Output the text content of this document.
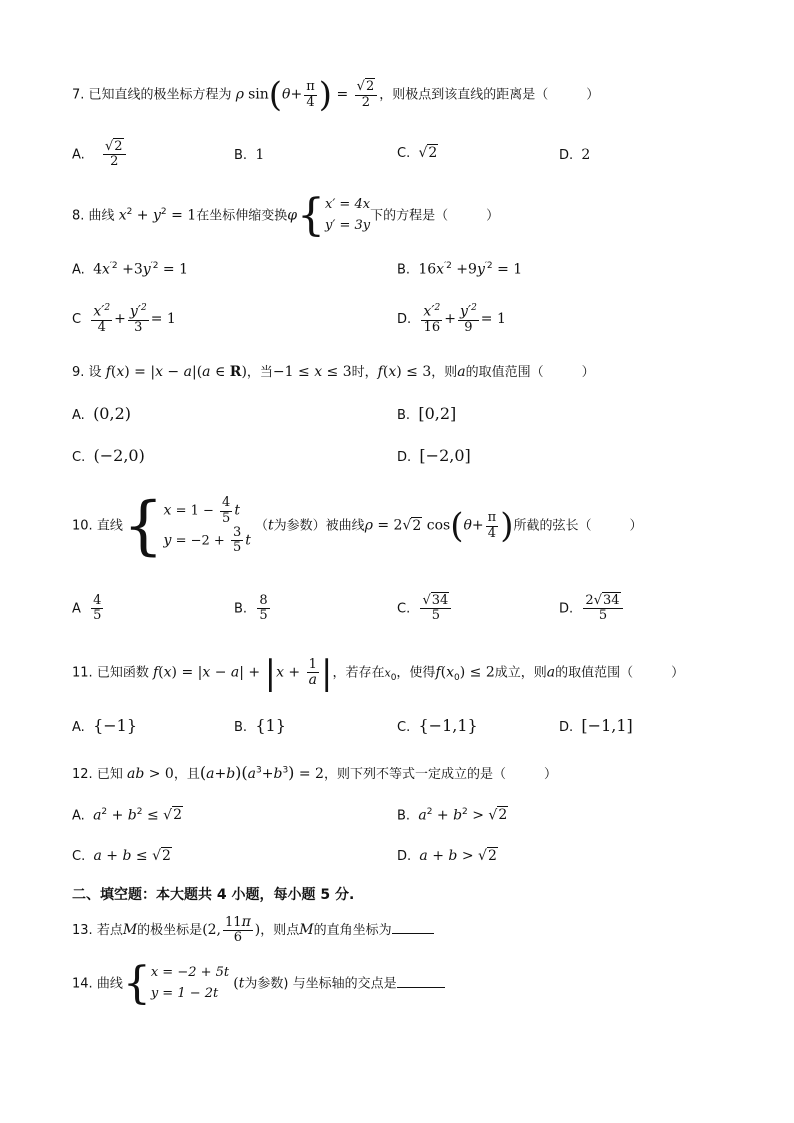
7. 已知直线的极坐标方程为 ρ $\sin(\theta+ \frac{\pi}{4}$ ) = $\frac{√2}{2}$ ，则极点到该直线的距离是（	）
A. $\frac{√2}{2}$	B. 1	C. √2	D. 2
8. 曲线 $x^2 + y^2 = 1$在坐标伸缩变换φ{x′ = 4x
y′ = 3y下的方程是（	）
A. $4x^{'2} +3y^{'2} = 1$	B. $16x^{'2} +9y^{'2} = 1$
C $\frac{x'^2}{4} + \frac{y'^2}{3} = 1$	D. $\frac{x'^2}{16} + \frac{y'^2}{9} = 1$
9. 设 f(x) = |x − a|(a ∈ R)，当−1 ≤ x ≤ 3时，f(x) ≤ 3，则a的取值范围（	）
A. (0,2)	B. [0,2]
C. (−2,0)	D. [−2,0]
10. 直线{$x = 1 - \frac{4}{5}$ t
$y = -2 + \frac{3}{5}$ t （t为参数）被曲线ρ = 2√2 $\cos(\theta+ \frac{\pi}{4}$ )所截的弦长（	）
A $\frac{4}{5}$	B. $\frac{8}{5}$	C. $\frac{√34}{5}$	D. $\frac{2√34}{5}$
11. 已知函数 $f(x) = |x - a| + |x + \frac{1}{a}$ |，若存在$x_0$，使得$f(x_0) \le 2$成立，则a的取值范围（	）
A. {−1}	B. {1}	C. {−1,1}	D. [−1,1]
12. 已知 ab > 0，且$(a+b)(a^3+b^3) = 2$，则下列不等式一定成立的是（	）
A. $a^2 + b^2 \le √2$	B. $a^2 + b^2 > √2$
C. a + b ≤ √2	D. a + b > √2
二、填空题：本大题共 4 小题，每小题 5 分.
13. 若点M的极坐标是(2, $\frac{11\pi}{6}$ )，则点M的直角坐标为
14. 曲线{x = −2 + 5t
y = 1 − 2t (t为参数) 与坐标轴的交点是
